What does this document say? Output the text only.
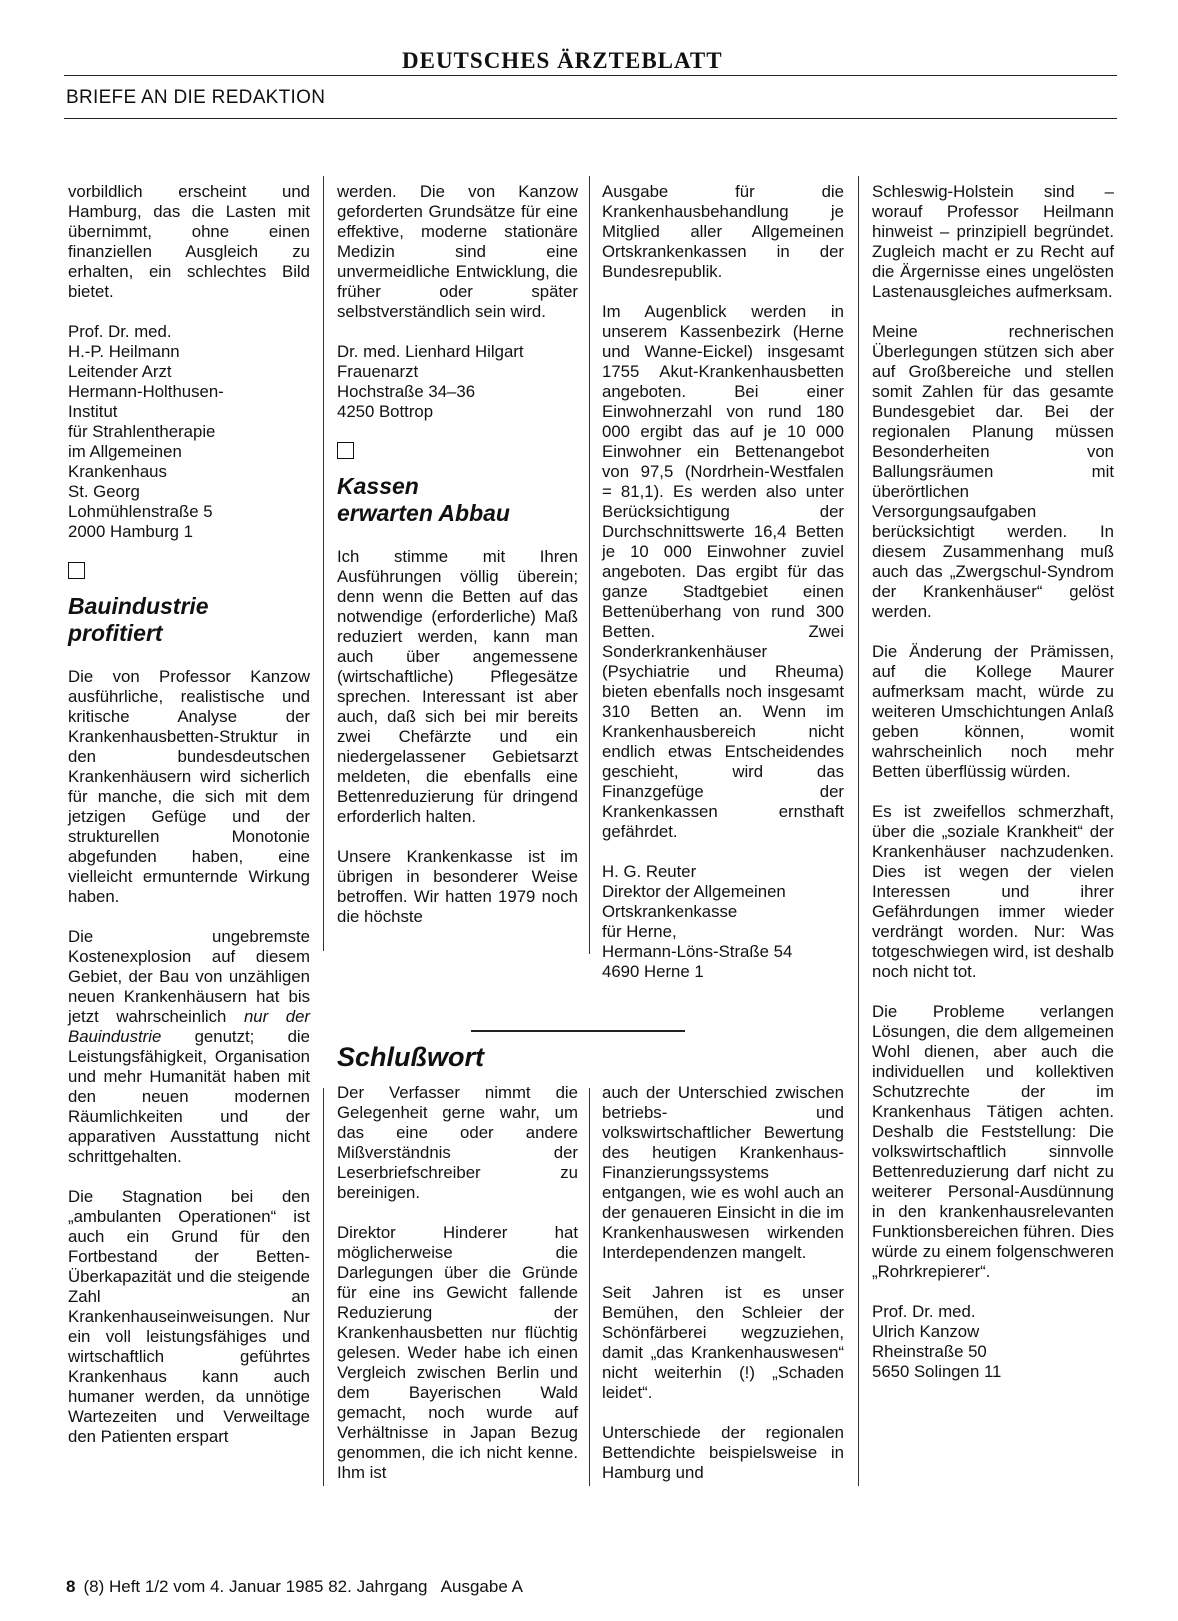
DEUTSCHES ÄRZTEBLATT
BRIEFE AN DIE REDAKTION

vorbildlich erscheint und Hamburg, das die Lasten mit übernimmt, ohne einen finanziellen Ausgleich zu erhalten, ein schlechtes Bild bietet.

Prof. Dr. med.
H.-P. Heilmann
Leitender Arzt
Hermann-Holthusen-
Institut
für Strahlentherapie
im Allgemeinen
Krankenhaus
St. Georg
Lohmühlenstraße 5
2000 Hamburg 1

Bauindustrie
profitiert

Die von Professor Kanzow ausführliche, realistische und kritische Analyse der Krankenhausbetten-Struktur in den bundesdeutschen Krankenhäusern wird sicherlich für manche, die sich mit dem jetzigen Gefüge und der strukturellen Monotonie abgefunden haben, eine vielleicht ermunternde Wirkung haben.

Die ungebremste Kostenexplosion auf diesem Gebiet, der Bau von unzähligen neuen Krankenhäusern hat bis jetzt wahrscheinlich nur der Bauindustrie genutzt; die Leistungsfähigkeit, Organisation und mehr Humanität haben mit den neuen modernen Räumlichkeiten und der apparativen Ausstattung nicht schrittgehalten.

Die Stagnation bei den „ambulanten Operationen“ ist auch ein Grund für den Fortbestand der Betten-Überkapazität und die steigende Zahl an Krankenhauseinweisungen. Nur ein voll leistungsfähiges und wirtschaftlich geführtes Krankenhaus kann auch humaner werden, da unnötige Wartezeiten und Verweiltage den Patienten erspart

werden. Die von Kanzow geforderten Grundsätze für eine effektive, moderne stationäre Medizin sind eine unvermeidliche Entwicklung, die früher oder später selbstverständlich sein wird.

Dr. med. Lienhard Hilgart
Frauenarzt
Hochstraße 34–36
4250 Bottrop

Kassen
erwarten Abbau

Ich stimme mit Ihren Ausführungen völlig überein; denn wenn die Betten auf das notwendige (erforderliche) Maß reduziert werden, kann man auch über angemessene (wirtschaftliche) Pflegesätze sprechen. Interessant ist aber auch, daß sich bei mir bereits zwei Chefärzte und ein niedergelassener Gebietsarzt meldeten, die ebenfalls eine Bettenreduzierung für dringend erforderlich halten.

Unsere Krankenkasse ist im übrigen in besonderer Weise betroffen. Wir hatten 1979 noch die höchste

Ausgabe für die Krankenhausbehandlung je Mitglied aller Allgemeinen Ortskrankenkassen in der Bundesrepublik.

Im Augenblick werden in unserem Kassenbezirk (Herne und Wanne-Eickel) insgesamt 1755 Akut-Krankenhausbetten angeboten. Bei einer Einwohnerzahl von rund 180 000 ergibt das auf je 10 000 Einwohner ein Bettenangebot von 97,5 (Nordrhein-Westfalen = 81,1). Es werden also unter Berücksichtigung der Durchschnittswerte 16,4 Betten je 10 000 Einwohner zuviel angeboten. Das ergibt für das ganze Stadtgebiet einen Bettenüberhang von rund 300 Betten. Zwei Sonderkrankenhäuser (Psychiatrie und Rheuma) bieten ebenfalls noch insgesamt 310 Betten an. Wenn im Krankenhausbereich nicht endlich etwas Entscheidendes geschieht, wird das Finanzgefüge der Krankenkassen ernsthaft gefährdet.

H. G. Reuter
Direktor der Allgemeinen
Ortskrankenkasse
für Herne,
Hermann-Löns-Straße 54
4690 Herne 1

Schleswig-Holstein sind – worauf Professor Heilmann hinweist – prinzipiell begründet. Zugleich macht er zu Recht auf die Ärgernisse eines ungelösten Lastenausgleiches aufmerksam.

Meine rechnerischen Überlegungen stützen sich aber auf Großbereiche und stellen somit Zahlen für das gesamte Bundesgebiet dar. Bei der regionalen Planung müssen Besonderheiten von Ballungsräumen mit überörtlichen Versorgungsaufgaben berücksichtigt werden. In diesem Zusammenhang muß auch das „Zwergschul-Syndrom der Krankenhäuser“ gelöst werden.

Die Änderung der Prämissen, auf die Kollege Maurer aufmerksam macht, würde zu weiteren Umschichtungen Anlaß geben können, womit wahrscheinlich noch mehr Betten überflüssig würden.

Es ist zweifellos schmerzhaft, über die „soziale Krankheit“ der Krankenhäuser nachzudenken. Dies ist wegen der vielen Interessen und ihrer Gefährdungen immer wieder verdrängt worden. Nur: Was totgeschwiegen wird, ist deshalb noch nicht tot.

Die Probleme verlangen Lösungen, die dem allgemeinen Wohl dienen, aber auch die individuellen und kollektiven Schutzrechte der im Krankenhaus Tätigen achten. Deshalb die Feststellung: Die volkswirtschaftlich sinnvolle Bettenreduzierung darf nicht zu weiterer Personal-Ausdünnung in den krankenhausrelevanten Funktionsbereichen führen. Dies würde zu einem folgenschweren „Rohrkrepierer“.

Prof. Dr. med.
Ulrich Kanzow
Rheinstraße 50
5650 Solingen 11

Schlußwort

Der Verfasser nimmt die Gelegenheit gerne wahr, um das eine oder andere Mißverständnis der Leserbriefschreiber zu bereinigen.

Direktor Hinderer hat möglicherweise die Darlegungen über die Gründe für eine ins Gewicht fallende Reduzierung der Krankenhausbetten nur flüchtig gelesen. Weder habe ich einen Vergleich zwischen Berlin und dem Bayerischen Wald gemacht, noch wurde auf Verhältnisse in Japan Bezug genommen, die ich nicht kenne. Ihm ist

auch der Unterschied zwischen betriebs- und volkswirtschaftlicher Bewertung des heutigen Krankenhaus-Finanzierungssystems entgangen, wie es wohl auch an der genaueren Einsicht in die im Krankenhauswesen wirkenden Interdependenzen mangelt.

Seit Jahren ist es unser Bemühen, den Schleier der Schönfärberei wegzuziehen, damit „das Krankenhauswesen“ nicht weiterhin (!) „Schaden leidet“.

Unterschiede der regionalen Bettendichte beispielsweise in Hamburg und

8 (8) Heft 1/2 vom 4. Januar 1985 82. Jahrgang   Ausgabe A
